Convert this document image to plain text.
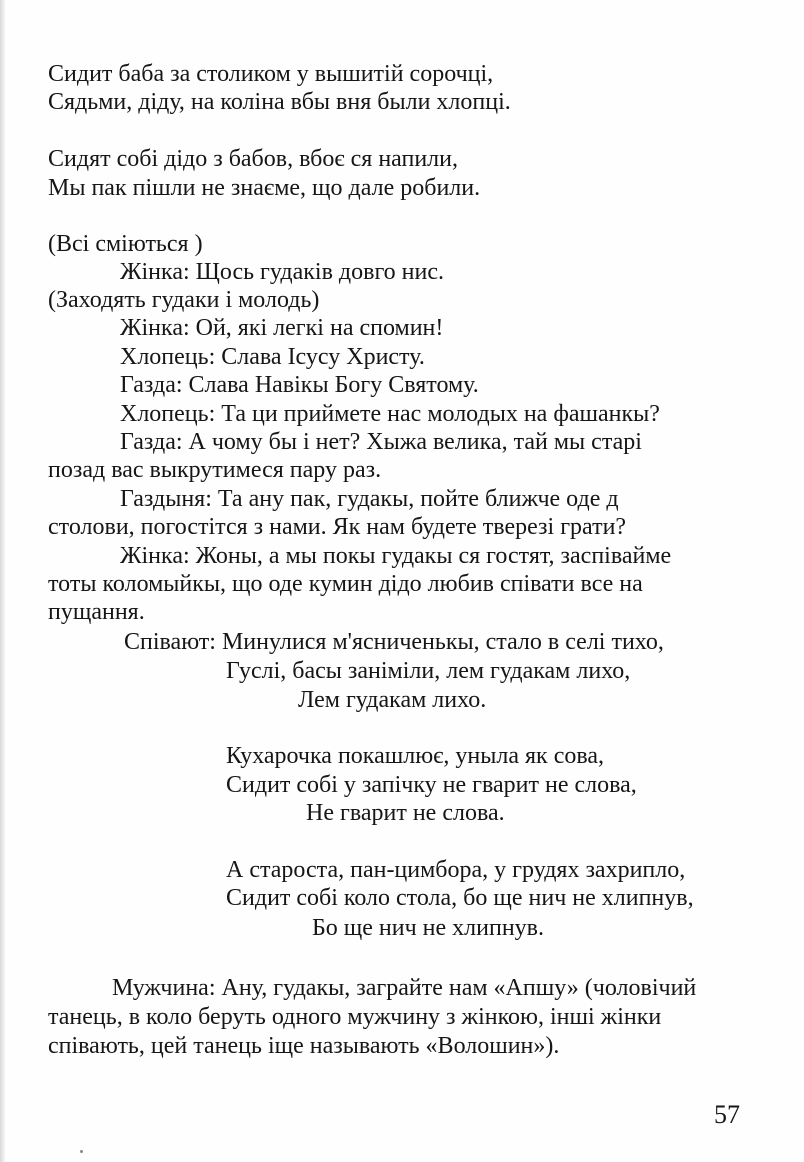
Сидит баба за столиком у вышитій сорочці,

Сядьми, діду, на коліна вбы вня были хлопці.

Сидят собі дідо з бабов, вбоє ся напили,

Мы пак пішли не знаєме, що дале робили.

(Всі сміються )

Жінка: Щось гудаків довго нис.

(Заходять гудаки і молодь)

Жінка: Ой, які легкі на спомин!

Хлопець: Слава Ісусу Христу.

Газда: Слава Навікы Богу Святому.

Хлопець: Та ци приймете нас молодых на фашанкы?

Газда: А чому бы і нет? Хыжа велика, тай мы старі

позад вас выкрутимеся пару раз.

Газдыня: Та ану пак, гудакы, пойте ближче оде д

столови, погостітся з нами. Як нам будете тверезі грати?

Жінка: Жоны, а мы покы гудакы ся гостят, заспіваймe

тоты коломыйкы, що оде кумин дідо любив співати все на

пущання.

Співают: Минулися м'ясниченькы, стало в селі тихо,

Гуслі, басы заніміли, лем гудакам лихо,

Лем гудакам лихо.

Кухарочка покашлює, уныла як сова,

Сидит собі у запічку не гварит не слова,

Не гварит не слова.

А староста, пан-цимбора, у грудях захрипло,

Сидит собі коло стола, бо ще нич не хлипнув,

Бо ще нич не хлипнув.

Мужчина: Ану, гудакы, заграйте нам «Апшу» (чоловічий

танець, в коло беруть одного мужчину з жінкою, інші жінки

співають, цей танець іще называють «Волошин»).

57
